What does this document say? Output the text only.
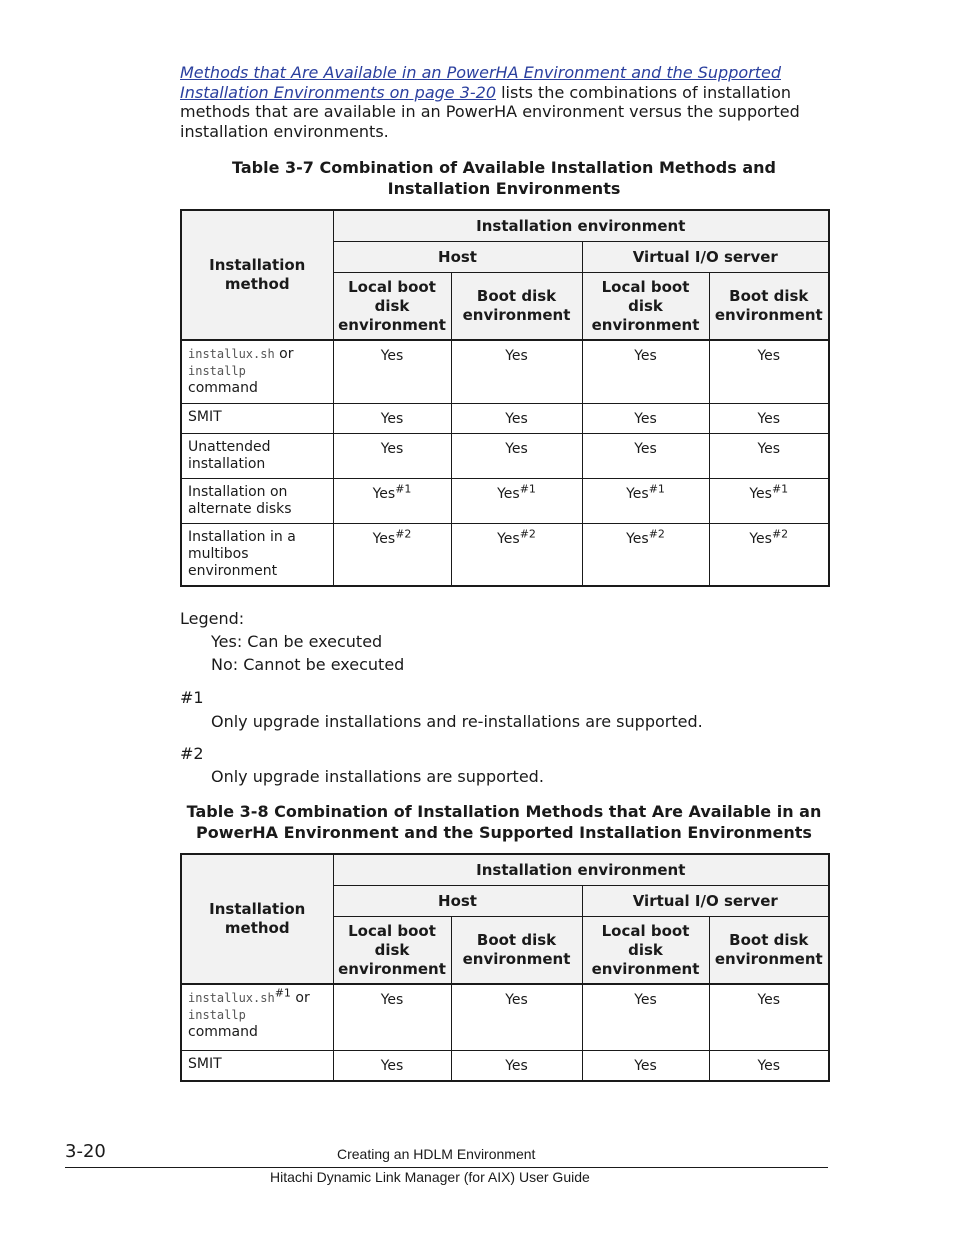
Methods that Are Available in an PowerHA Environment and the Supported Installation Environments on page 3-20 lists the combinations of installation methods that are available in an PowerHA environment versus the supported installation environments.
Table 3-7 Combination of Available Installation Methods and Installation Environments
Installation method	Installation environment			
	Host		Virtual I/O server	
	Local boot disk environment	Boot disk environment	Local boot disk environment	Boot disk environment
installux.sh or
installp
command	Yes	Yes	Yes	Yes
SMIT	Yes	Yes	Yes	Yes
Unattended installation	Yes	Yes	Yes	Yes
Installation on alternate disks	Yes$^{\#1}$	Yes$^{\#1}$	Yes$^{\#1}$	Yes$^{\#1}$
Installation in a multibos environment	Yes$^{\#2}$	Yes$^{\#2}$	Yes$^{\#2}$	Yes$^{\#2}$
Legend:
Yes: Can be executed
No: Cannot be executed
#1
Only upgrade installations and re-installations are supported.
#2
Only upgrade installations are supported.
Table 3-8 Combination of Installation Methods that Are Available in an PowerHA Environment and the Supported Installation Environments
Installation method	Installation environment			
	Host		Virtual I/O server	
	Local boot disk environment	Boot disk environment	Local boot disk environment	Boot disk environment
$installux.sh^{\#1}$ or
installp
command	Yes	Yes	Yes	Yes
SMIT	Yes	Yes	Yes	Yes
3-20	Creating an HDLM Environment
Hitachi Dynamic Link Manager (for AIX) User Guide
